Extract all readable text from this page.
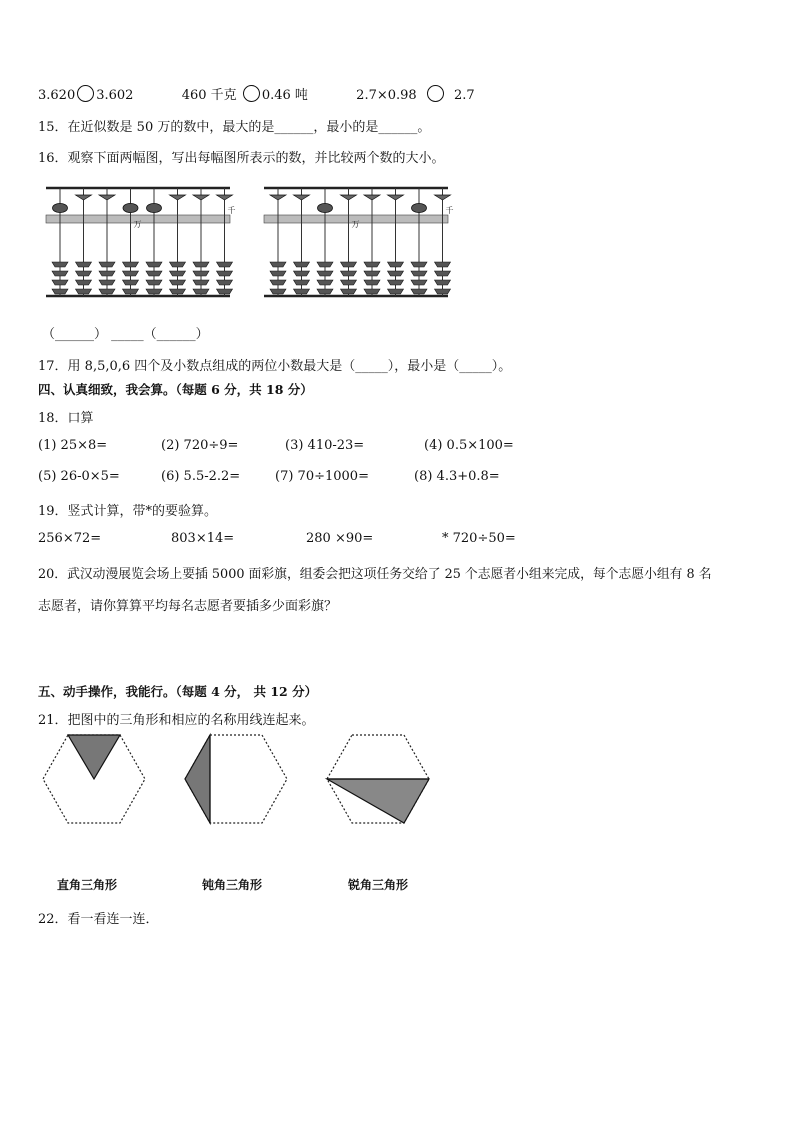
3.620 3.602	460 千克 0.46 吨	2.7×0.98	2.7
15．在近似数是 50 万的数中，最大的是______，最小的是______。
16．观察下面两幅图，写出每幅图所表示的数，并比较两个数的大小。
万
千
万
千
（______） _____（______）
17．用 8,5,0,6 四个及小数点组成的两位小数最大是（_____），最小是（_____）。
四、认真细致，我会算。（每题 6 分，共 18 分）
18．口算
(1) 25×8=	(2) 720÷9=	(3) 410-23=	(4) 0.5×100=
(5) 26-0×5=	(6) 5.5-2.2=	(7) 70÷1000=	(8) 4.3+0.8=
19．竖式计算，带*的要验算。
256×72=	803×14=	280 ×90=	* 720÷50=
20．武汉动漫展览会场上要插 5000 面彩旗，组委会把这项任务交给了 25 个志愿者小组来完成，每个志愿小组有 8 名
志愿者，请你算算平均每名志愿者要插多少面彩旗？
五、动手操作，我能行。（每题 4 分， 共 12 分）
21．把图中的三角形和相应的名称用线连起来。
直角三角形	钝角三角形	锐角三角形
22．看一看连一连．
